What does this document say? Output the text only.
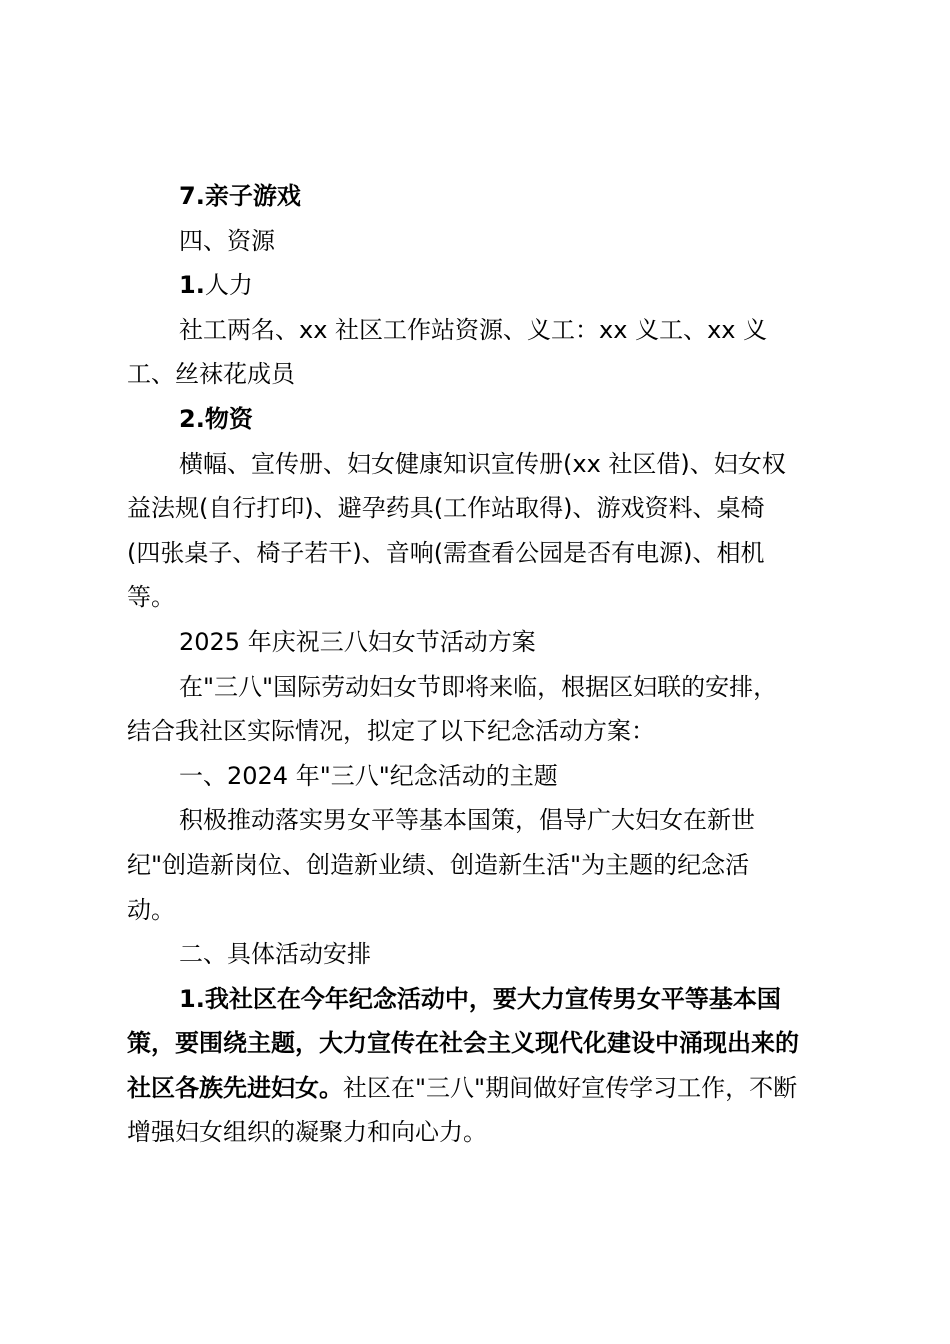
7.亲子游戏
四、资源
1.人力
社工两名、xx 社区工作站资源、义工：xx 义工、xx 义
工、丝袜花成员
2.物资
横幅、宣传册、妇女健康知识宣传册(xx 社区借)、妇女权
益法规(自行打印)、避孕药具(工作站取得)、游戏资料、桌椅
(四张桌子、椅子若干)、音响(需查看公园是否有电源)、相机
等。
2025 年庆祝三八妇女节活动方案
在"三八"国际劳动妇女节即将来临，根据区妇联的安排，
结合我社区实际情况，拟定了以下纪念活动方案：
一、2024 年"三八"纪念活动的主题
积极推动落实男女平等基本国策，倡导广大妇女在新世
纪"创造新岗位、创造新业绩、创造新生活"为主题的纪念活
动。
二、具体活动安排
1.我社区在今年纪念活动中，要大力宣传男女平等基本国
策，要围绕主题，大力宣传在社会主义现代化建设中涌现出来的
社区各族先进妇女。社区在"三八"期间做好宣传学习工作，不断
增强妇女组织的凝聚力和向心力。
